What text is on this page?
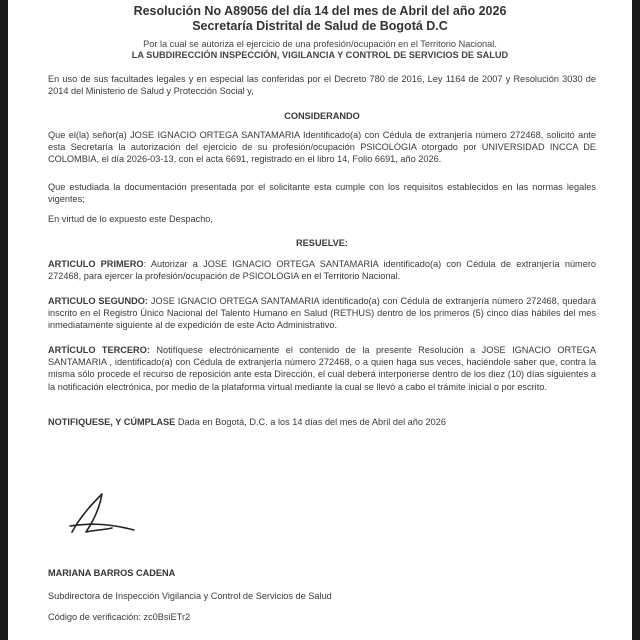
Resolución No A89056 del día 14 del mes de Abril del año 2026
Secretaría Distrital de Salud de Bogotá D.C

Por la cual se autoriza el ejercicio de una profesión/ocupación en el Territorio Nacional.

LA SUBDIRECCIÓN INSPECCIÓN, VIGILANCIA Y CONTROL DE SERVICIOS DE SALUD

En uso de sus facultades legales y en especial las conferidas por el Decreto 780 de 2016, Ley 1164 de 2007 y Resolución 3030 de 2014 del Ministerio de Salud y Protección Social y,

CONSIDERANDO

Que el(la) señor(a) JOSE IGNACIO ORTEGA SANTAMARIA Identificado(a) con Cédula de extranjería número 272468, solicitó ante esta Secretaría la autorización del ejercicio de su profesión/ocupación PSICOLOGIA otorgado por UNIVERSIDAD INCCA DE COLOMBIA, el día 2026-03-13, con el acta 6691, registrado en el libro 14, Folio 6691, año 2026.

Que estudiada la documentación presentada por el solicitante esta cumple con los requisitos establecidos en las normas legales vigentes;

En virtud de lo expuesto este Despacho,

RESUELVE:

ARTICULO PRIMERO: Autorizar a JOSE IGNACIO ORTEGA SANTAMARIA identificado(a) con Cédula de extranjería número 272468, para ejercer la profesión/ocupación de PSICOLOGIA en el Territorio Nacional.

ARTICULO SEGUNDO: JOSE IGNACIO ORTEGA SANTAMARIA identificado(a) con Cédula de extranjería número 272468, quedará inscrito en el Registro Único Nacional del Talento Humano en Salud (RETHUS) dentro de los primeros (5) cinco días hábiles del mes inmediatamente siguiente al de expedición de este Acto Administrativo.

ARTÍCULO TERCERO: Notifíquese electrónicamente el contenido de la presente Resolución a JOSE IGNACIO ORTEGA SANTAMARIA , identificado(a) con Cédula de extranjería número 272468, o a quien haga sus veces, haciéndole saber que, contra la misma sólo procede el recurso de reposición ante esta Dirección, el cual deberá interponerse dentro de los diez (10) días siguientes a la notificación electrónica, por medio de la plataforma virtual mediante la cual se llevó a cabo el trámite inicial o por escrito.

NOTIFIQUESE, Y CÚMPLASE Dada en Bogotá, D.C. a los 14 días del mes de Abril del año 2026

MARIANA BARROS CADENA
Subdirectora de Inspección Vigilancia y Control de Servicios de Salud
Código de verificación: zc0BsiETr2
